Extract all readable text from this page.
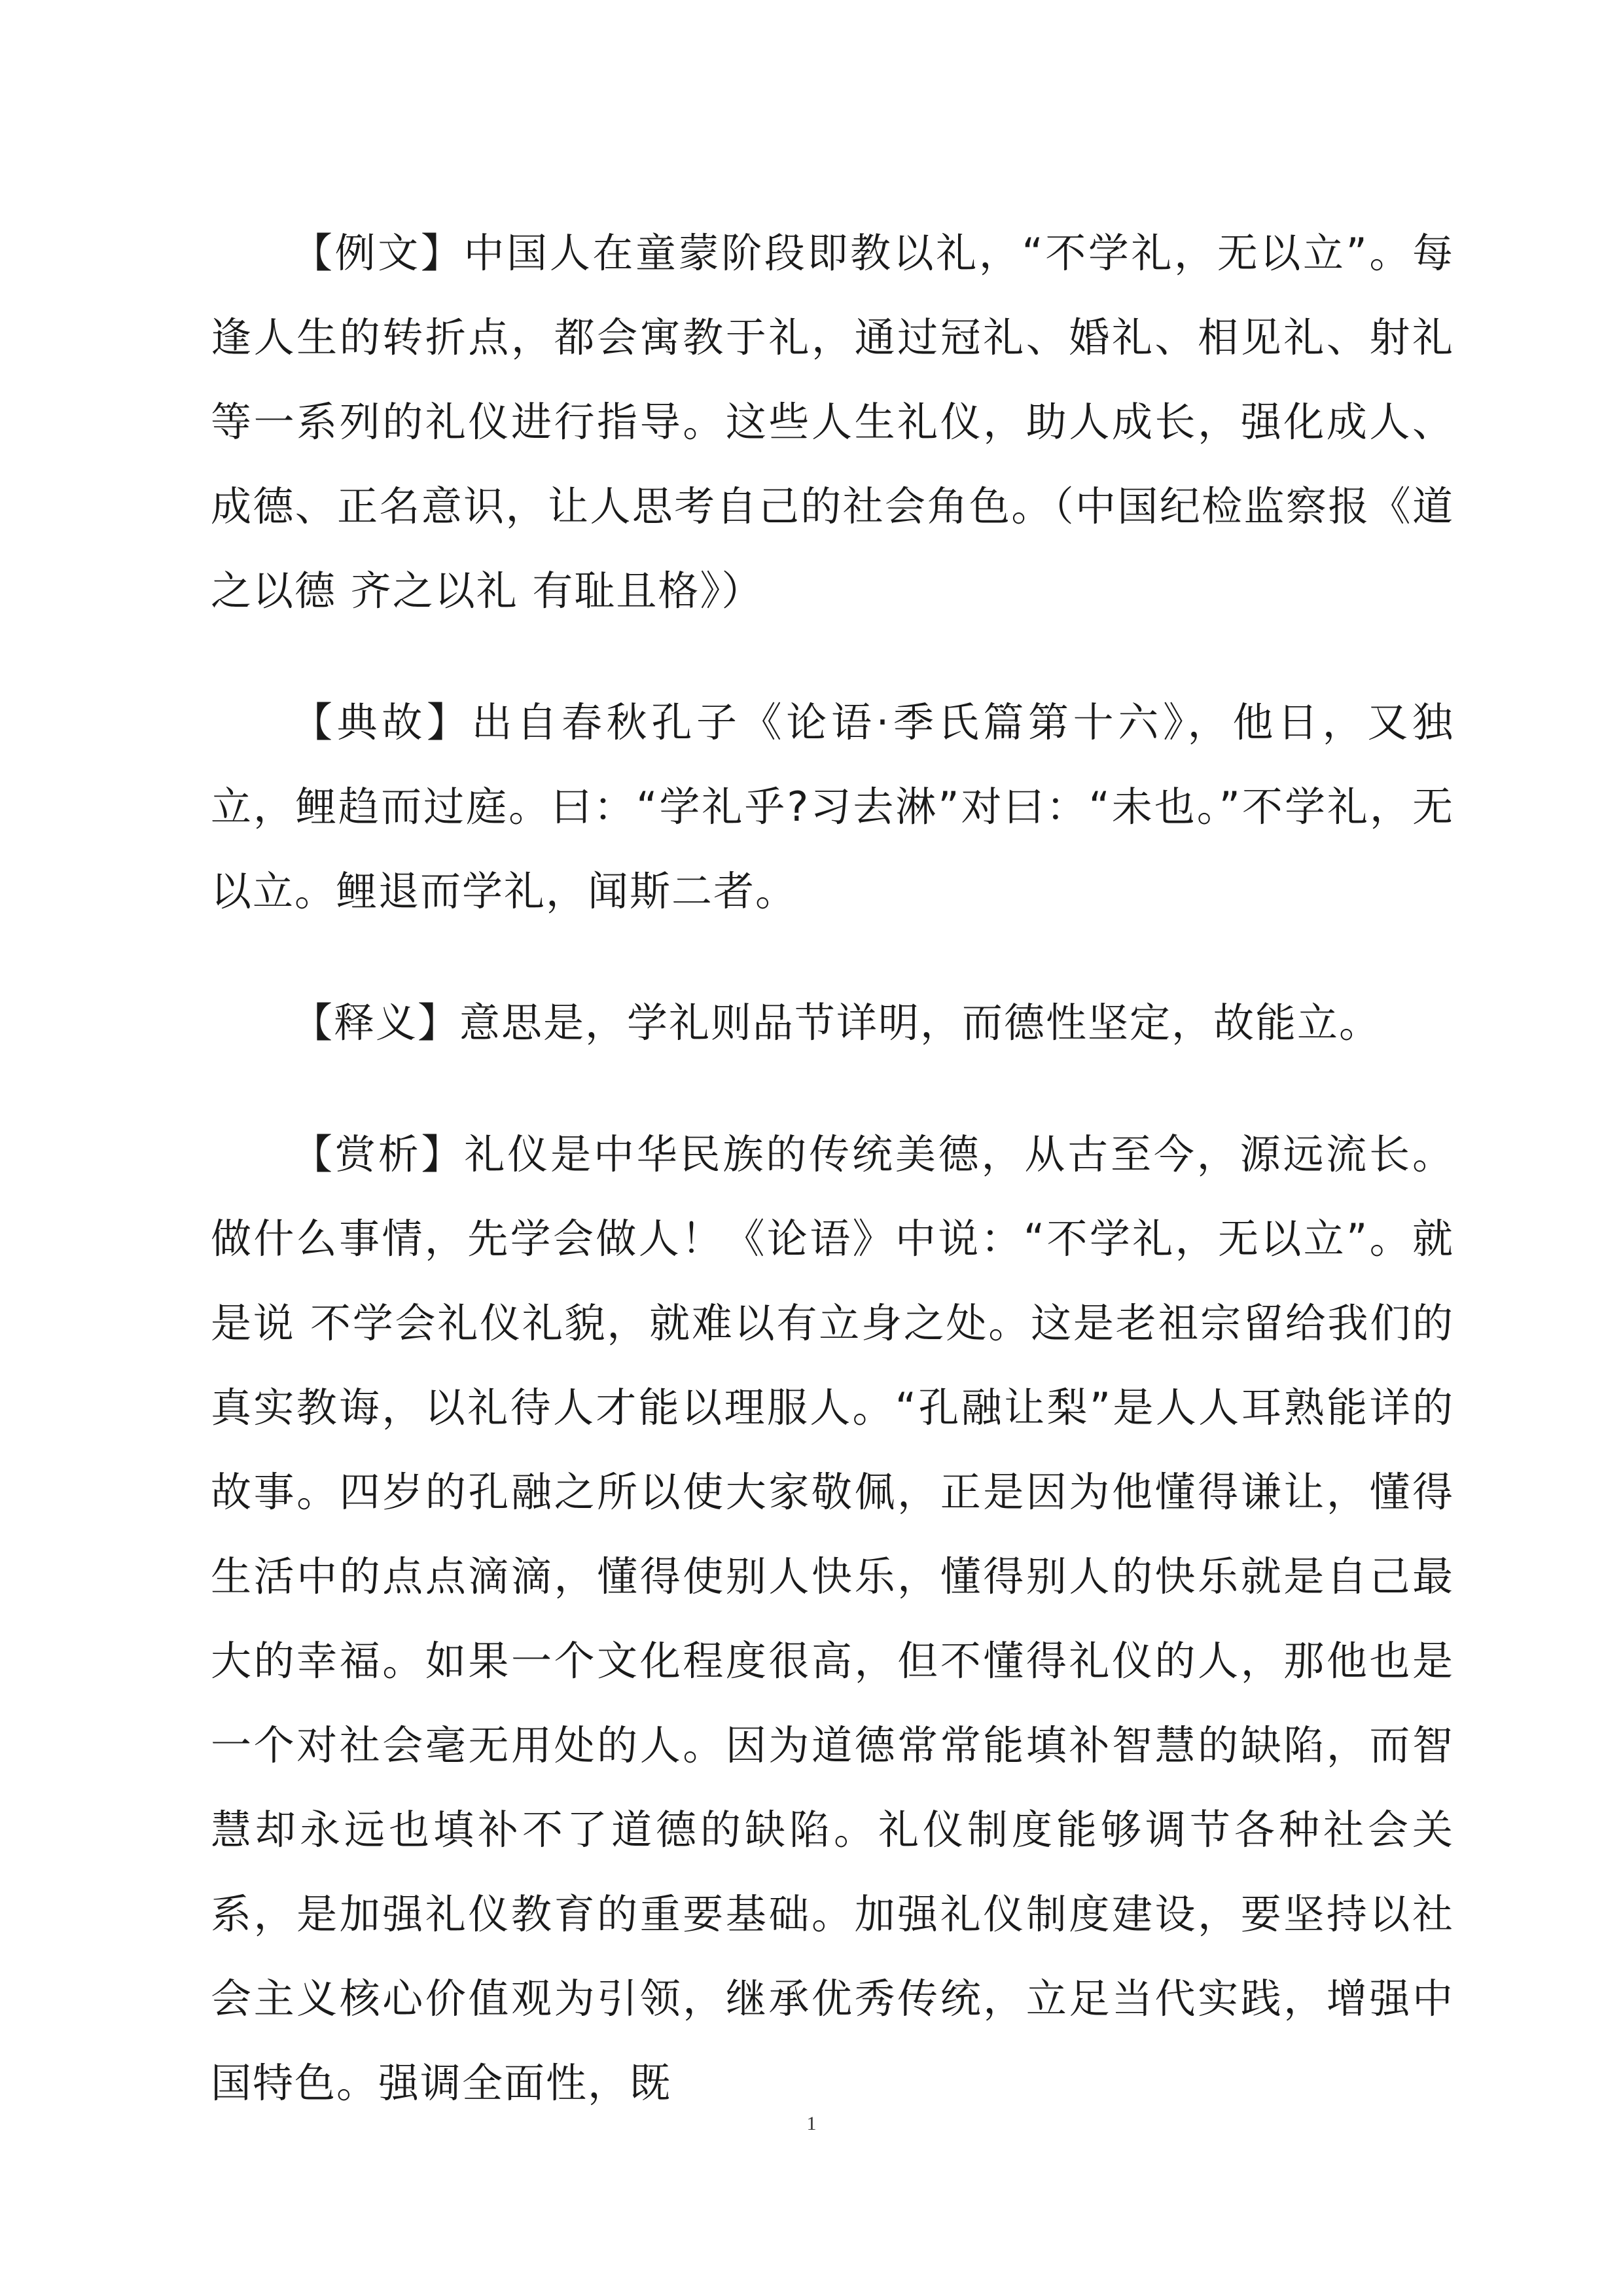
【例文】中国人在童蒙阶段即教以礼，“不学礼，无以立”。每逢人生的转折点，都会寓教于礼，通过冠礼、婚礼、相见礼、射礼等一系列的礼仪进行指导。这些人生礼仪，助人成长，强化成人、成德、正名意识，让人思考自己的社会角色。（中国纪检监察报《道之以德 齐之以礼 有耻且格》）

【典故】出自春秋孔子《论语·季氏篇第十六》，他日，又独立，鲤趋而过庭。曰：“学礼乎?习去淋”对曰：“未也。”不学礼，无以立。鲤退而学礼，闻斯二者。

【释义】意思是，学礼则品节详明，而德性坚定，故能立。

【赏析】礼仪是中华民族的传统美德，从古至今，源远流长。做什么事情，先学会做人！《论语》中说：“不学礼，无以立”。就是说 不学会礼仪礼貌，就难以有立身之处。这是老祖宗留给我们的真实教诲，以礼待人才能以理服人。“孔融让梨”是人人耳熟能详的故事。四岁的孔融之所以使大家敬佩，正是因为他懂得谦让，懂得生活中的点点滴滴，懂得使别人快乐，懂得别人的快乐就是自己最大的幸福。如果一个文化程度很高，但不懂得礼仪的人，那他也是一个对社会毫无用处的人。因为道德常常能填补智慧的缺陷，而智慧却永远也填补不了道德的缺陷。礼仪制度能够调节各种社会关系，是加强礼仪教育的重要基础。加强礼仪制度建设，要坚持以社会主义核心价值观为引领，继承优秀传统，立足当代实践，增强中国特色。强调全面性，既

1
